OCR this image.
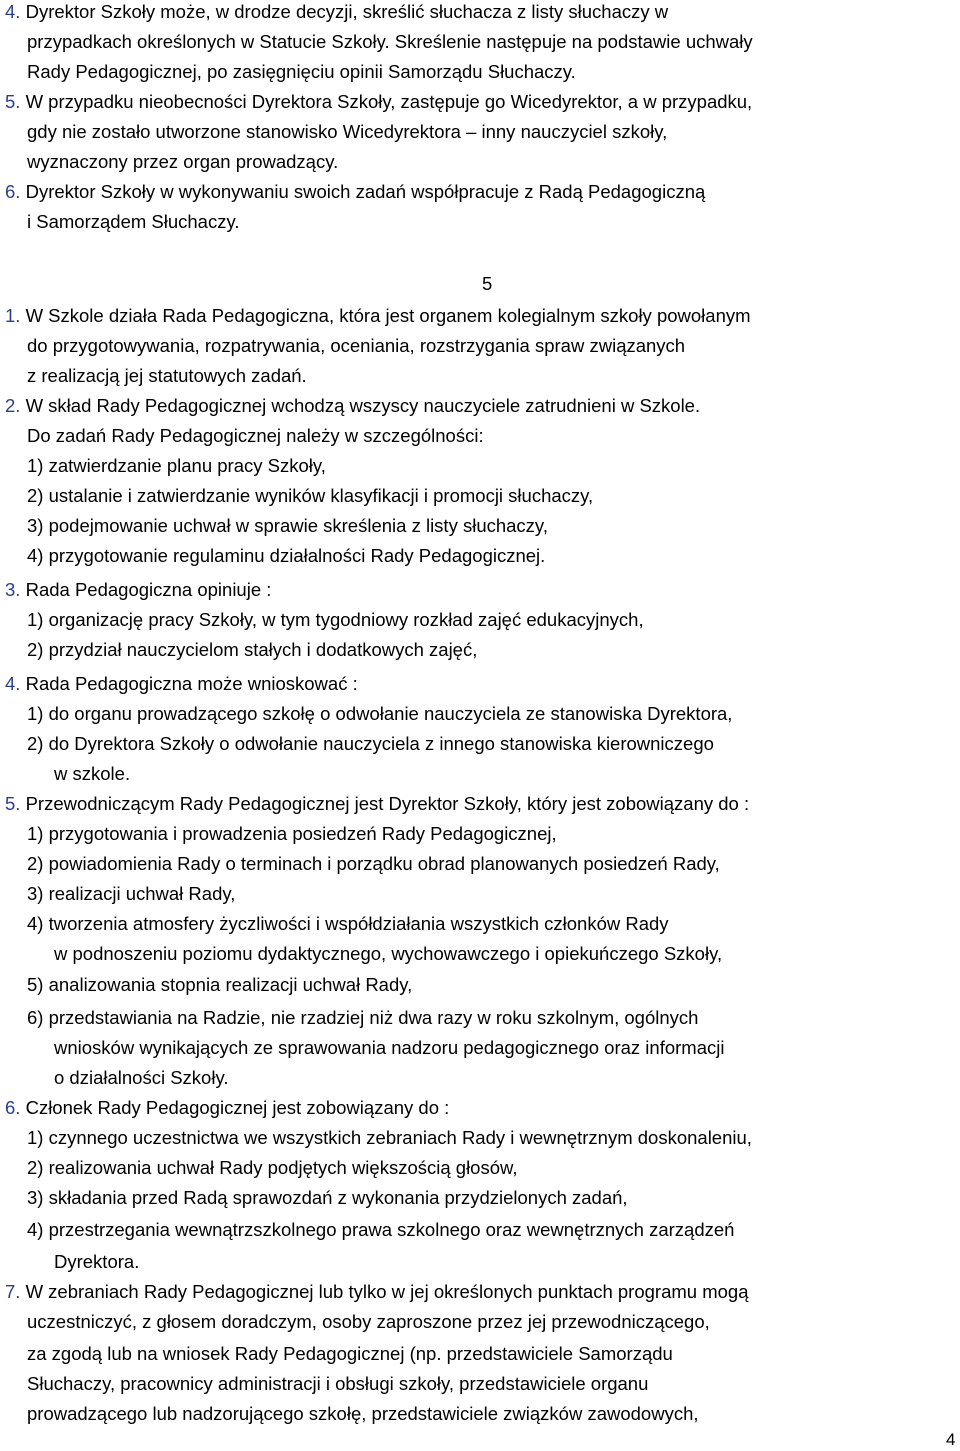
4. Dyrektor Szkoły może, w drodze decyzji, skreślić słuchacza z listy słuchaczy w
przypadkach określonych w Statucie Szkoły. Skreślenie następuje na podstawie uchwały
Rady Pedagogicznej, po zasięgnięciu opinii Samorządu Słuchaczy.
5. W przypadku nieobecności Dyrektora Szkoły, zastępuje go Wicedyrektor, a w przypadku,
gdy nie zostało utworzone stanowisko Wicedyrektora – inny nauczyciel szkoły,
wyznaczony przez organ prowadzący.
6. Dyrektor Szkoły w wykonywaniu swoich zadań współpracuje z Radą Pedagogiczną
i Samorządem Słuchaczy.
5
1. W Szkole działa Rada Pedagogiczna, która jest organem kolegialnym szkoły powołanym
do przygotowywania, rozpatrywania, oceniania, rozstrzygania spraw związanych
z realizacją jej statutowych zadań.
2. W skład Rady Pedagogicznej wchodzą wszyscy nauczyciele zatrudnieni w Szkole.
Do zadań Rady Pedagogicznej należy w szczególności:
1) zatwierdzanie planu pracy Szkoły,
2) ustalanie i zatwierdzanie wyników klasyfikacji i promocji słuchaczy,
3) podejmowanie uchwał w sprawie skreślenia z listy słuchaczy,
4) przygotowanie regulaminu działalności Rady Pedagogicznej.
3. Rada Pedagogiczna opiniuje :
1) organizację pracy Szkoły, w tym tygodniowy rozkład zajęć edukacyjnych,
2) przydział nauczycielom stałych i dodatkowych zajęć,
4. Rada Pedagogiczna może wnioskować :
1) do organu prowadzącego szkołę o odwołanie nauczyciela ze stanowiska Dyrektora,
2) do Dyrektora Szkoły o odwołanie nauczyciela z innego stanowiska kierowniczego
w szkole.
5. Przewodniczącym Rady Pedagogicznej jest Dyrektor Szkoły, który jest zobowiązany do :
1) przygotowania i prowadzenia posiedzeń Rady Pedagogicznej,
2) powiadomienia Rady o terminach i porządku obrad planowanych posiedzeń Rady,
3) realizacji uchwał Rady,
4) tworzenia atmosfery życzliwości i współdziałania wszystkich członków Rady
w podnoszeniu poziomu dydaktycznego, wychowawczego i opiekuńczego Szkoły,
5) analizowania stopnia realizacji uchwał Rady,
6) przedstawiania na Radzie, nie rzadziej niż dwa razy w roku szkolnym, ogólnych
wniosków wynikających ze sprawowania nadzoru pedagogicznego oraz informacji
o działalności Szkoły.
6. Członek Rady Pedagogicznej jest zobowiązany do :
1) czynnego uczestnictwa we wszystkich zebraniach Rady i wewnętrznym doskonaleniu,
2) realizowania uchwał Rady podjętych większością głosów,
3) składania przed Radą sprawozdań z wykonania przydzielonych zadań,
4) przestrzegania wewnątrzszkolnego prawa szkolnego oraz wewnętrznych zarządzeń
Dyrektora.
7. W zebraniach Rady Pedagogicznej lub tylko w jej określonych punktach programu mogą
uczestniczyć, z głosem doradczym, osoby zaproszone przez jej przewodniczącego,
za zgodą lub na wniosek Rady Pedagogicznej (np. przedstawiciele Samorządu
Słuchaczy, pracownicy administracji i obsługi szkoły, przedstawiciele organu
prowadzącego lub nadzorującego szkołę, przedstawiciele związków zawodowych,
4
